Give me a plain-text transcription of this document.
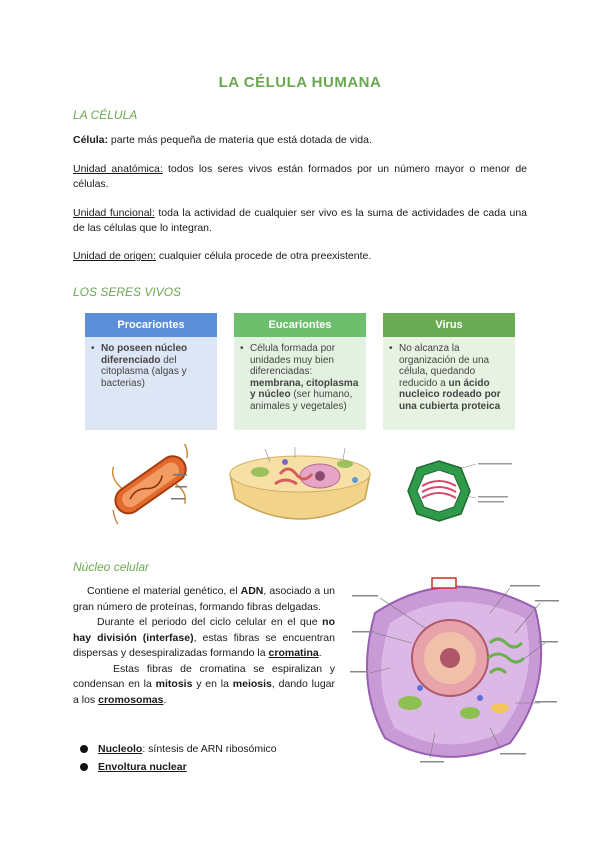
LA CÉLULA HUMANA
LA CÉLULA
Célula: parte más pequeña de materia que está dotada de vida.
Unidad anatómica: todos los seres vivos están formados por un número mayor o menor de células.
Unidad funcional: toda la actividad de cualquier ser vivo es la suma de actividades de cada una de las células que lo integran.
Unidad de origen: cualquier célula procede de otra preexistente.
LOS SERES VIVOS
Procariontes
• No poseen núcleo diferenciado del citoplasma (algas y bacterias)
Eucariontes
• Célula formada por unidades muy bien diferenciadas: membrana, citoplasma y núcleo (ser humano, animales y vegetales)
Virus
• No alcanza la organización de una célula, quedando reducido a un ácido nucleico rodeado por una cubierta proteica
Núcleo celular

Contiene el material genético, el ADN, asociado a un gran número de proteínas, formando fibras delgadas.

Durante el periodo del ciclo celular en el que no hay división (interfase), estas fibras se encuentran dispersas y desespiralizadas formando la cromatina.

Estas fibras de cromatina se espiralizan y condensan en la mitosis y en la meiosis, dando lugar a los cromosomas.

Nucleolo: síntesis de ARN ribosómico
Envoltura nuclear
